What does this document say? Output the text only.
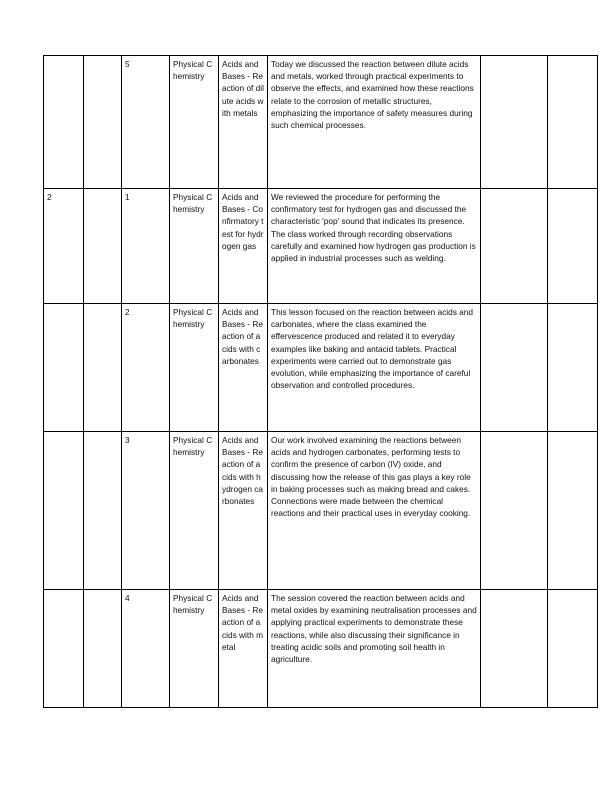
		5	Physical Chemistry	Acids and Bases - Reaction of dilute acids with metals	Today we discussed the reaction between dilute acids and metals, worked through practical experiments to observe the effects, and examined how these reactions relate to the corrosion of metallic structures, emphasizing the importance of safety measures during such chemical processes.		
2		1	Physical Chemistry	Acids and Bases - Confirmatory test for hydrogen gas	We reviewed the procedure for performing the confirmatory test for hydrogen gas and discussed the characteristic 'pop' sound that indicates its presence. The class worked through recording observations carefully and examined how hydrogen gas production is applied in industrial processes such as welding.		
		2	Physical Chemistry	Acids and Bases - Reaction of acids with carbonates	This lesson focused on the reaction between acids and carbonates, where the class examined the effervescence produced and related it to everyday examples like baking and antacid tablets. Practical experiments were carried out to demonstrate gas evolution, while emphasizing the importance of careful observation and controlled procedures.		
		3	Physical Chemistry	Acids and Bases - Reaction of acids with hydrogen carbonates	Our work involved examining the reactions between acids and hydrogen carbonates, performing tests to confirm the presence of carbon (IV) oxide, and discussing how the release of this gas plays a key role in baking processes such as making bread and cakes. Connections were made between the chemical reactions and their practical uses in everyday cooking.		
		4	Physical Chemistry	Acids and Bases - Reaction of acids with metal	The session covered the reaction between acids and metal oxides by examining neutralisation processes and applying practical experiments to demonstrate these reactions, while also discussing their significance in treating acidic soils and promoting soil health in agriculture.		
